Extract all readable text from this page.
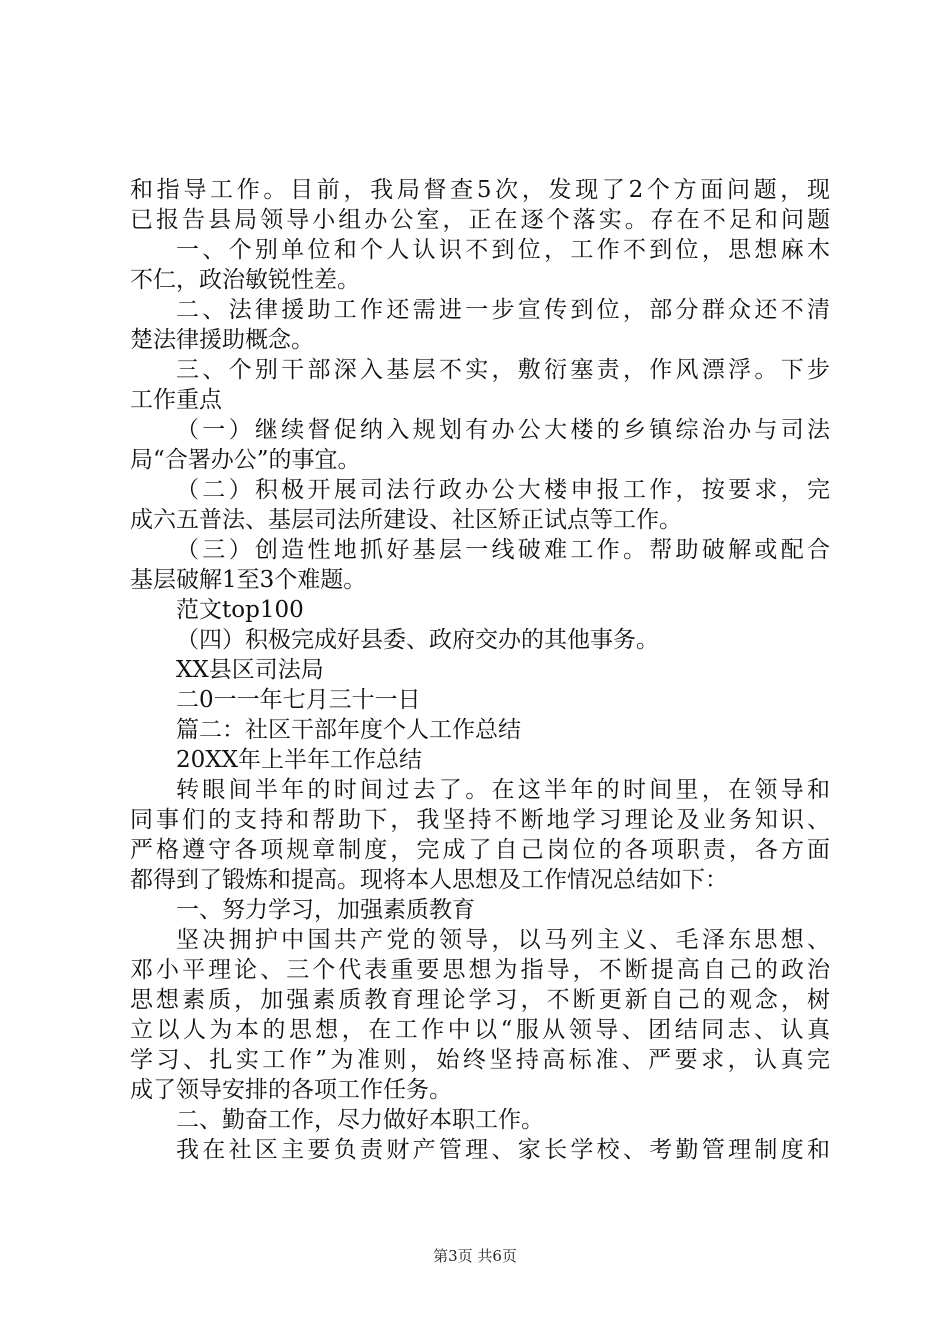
和指导工作。目前，我局督查5次，发现了2个方面问题，现
已报告县局领导小组办公室，正在逐个落实。存在不足和问题
一、个别单位和个人认识不到位，工作不到位，思想麻木
不仁，政治敏锐性差。
二、法律援助工作还需进一步宣传到位，部分群众还不清
楚法律援助概念。
三、个别干部深入基层不实，敷衍塞责，作风漂浮。下步
工作重点
（一）继续督促纳入规划有办公大楼的乡镇综治办与司法
局“合署办公”的事宜。
（二）积极开展司法行政办公大楼申报工作，按要求，完
成六五普法、基层司法所建设、社区矫正试点等工作。
（三）创造性地抓好基层一线破难工作。帮助破解或配合
基层破解1至3个难题。
范文top100
（四）积极完成好县委、政府交办的其他事务。
XX县区司法局
二0一一年七月三十一日
篇二：社区干部年度个人工作总结
20XX年上半年工作总结
转眼间半年的时间过去了。在这半年的时间里，在领导和
同事们的支持和帮助下，我坚持不断地学习理论及业务知识、
严格遵守各项规章制度，完成了自己岗位的各项职责，各方面
都得到了锻炼和提高。现将本人思想及工作情况总结如下：
一、努力学习，加强素质教育
坚决拥护中国共产党的领导，以马列主义、毛泽东思想、
邓小平理论、三个代表重要思想为指导，不断提高自己的政治
思想素质，加强素质教育理论学习，不断更新自己的观念，树
立以人为本的思想，在工作中以“服从领导、团结同志、认真
学习、扎实工作”为准则，始终坚持高标准、严要求，认真完
成了领导安排的各项工作任务。
二、勤奋工作，尽力做好本职工作。
我在社区主要负责财产管理、家长学校、考勤管理制度和
第3页 共6页
